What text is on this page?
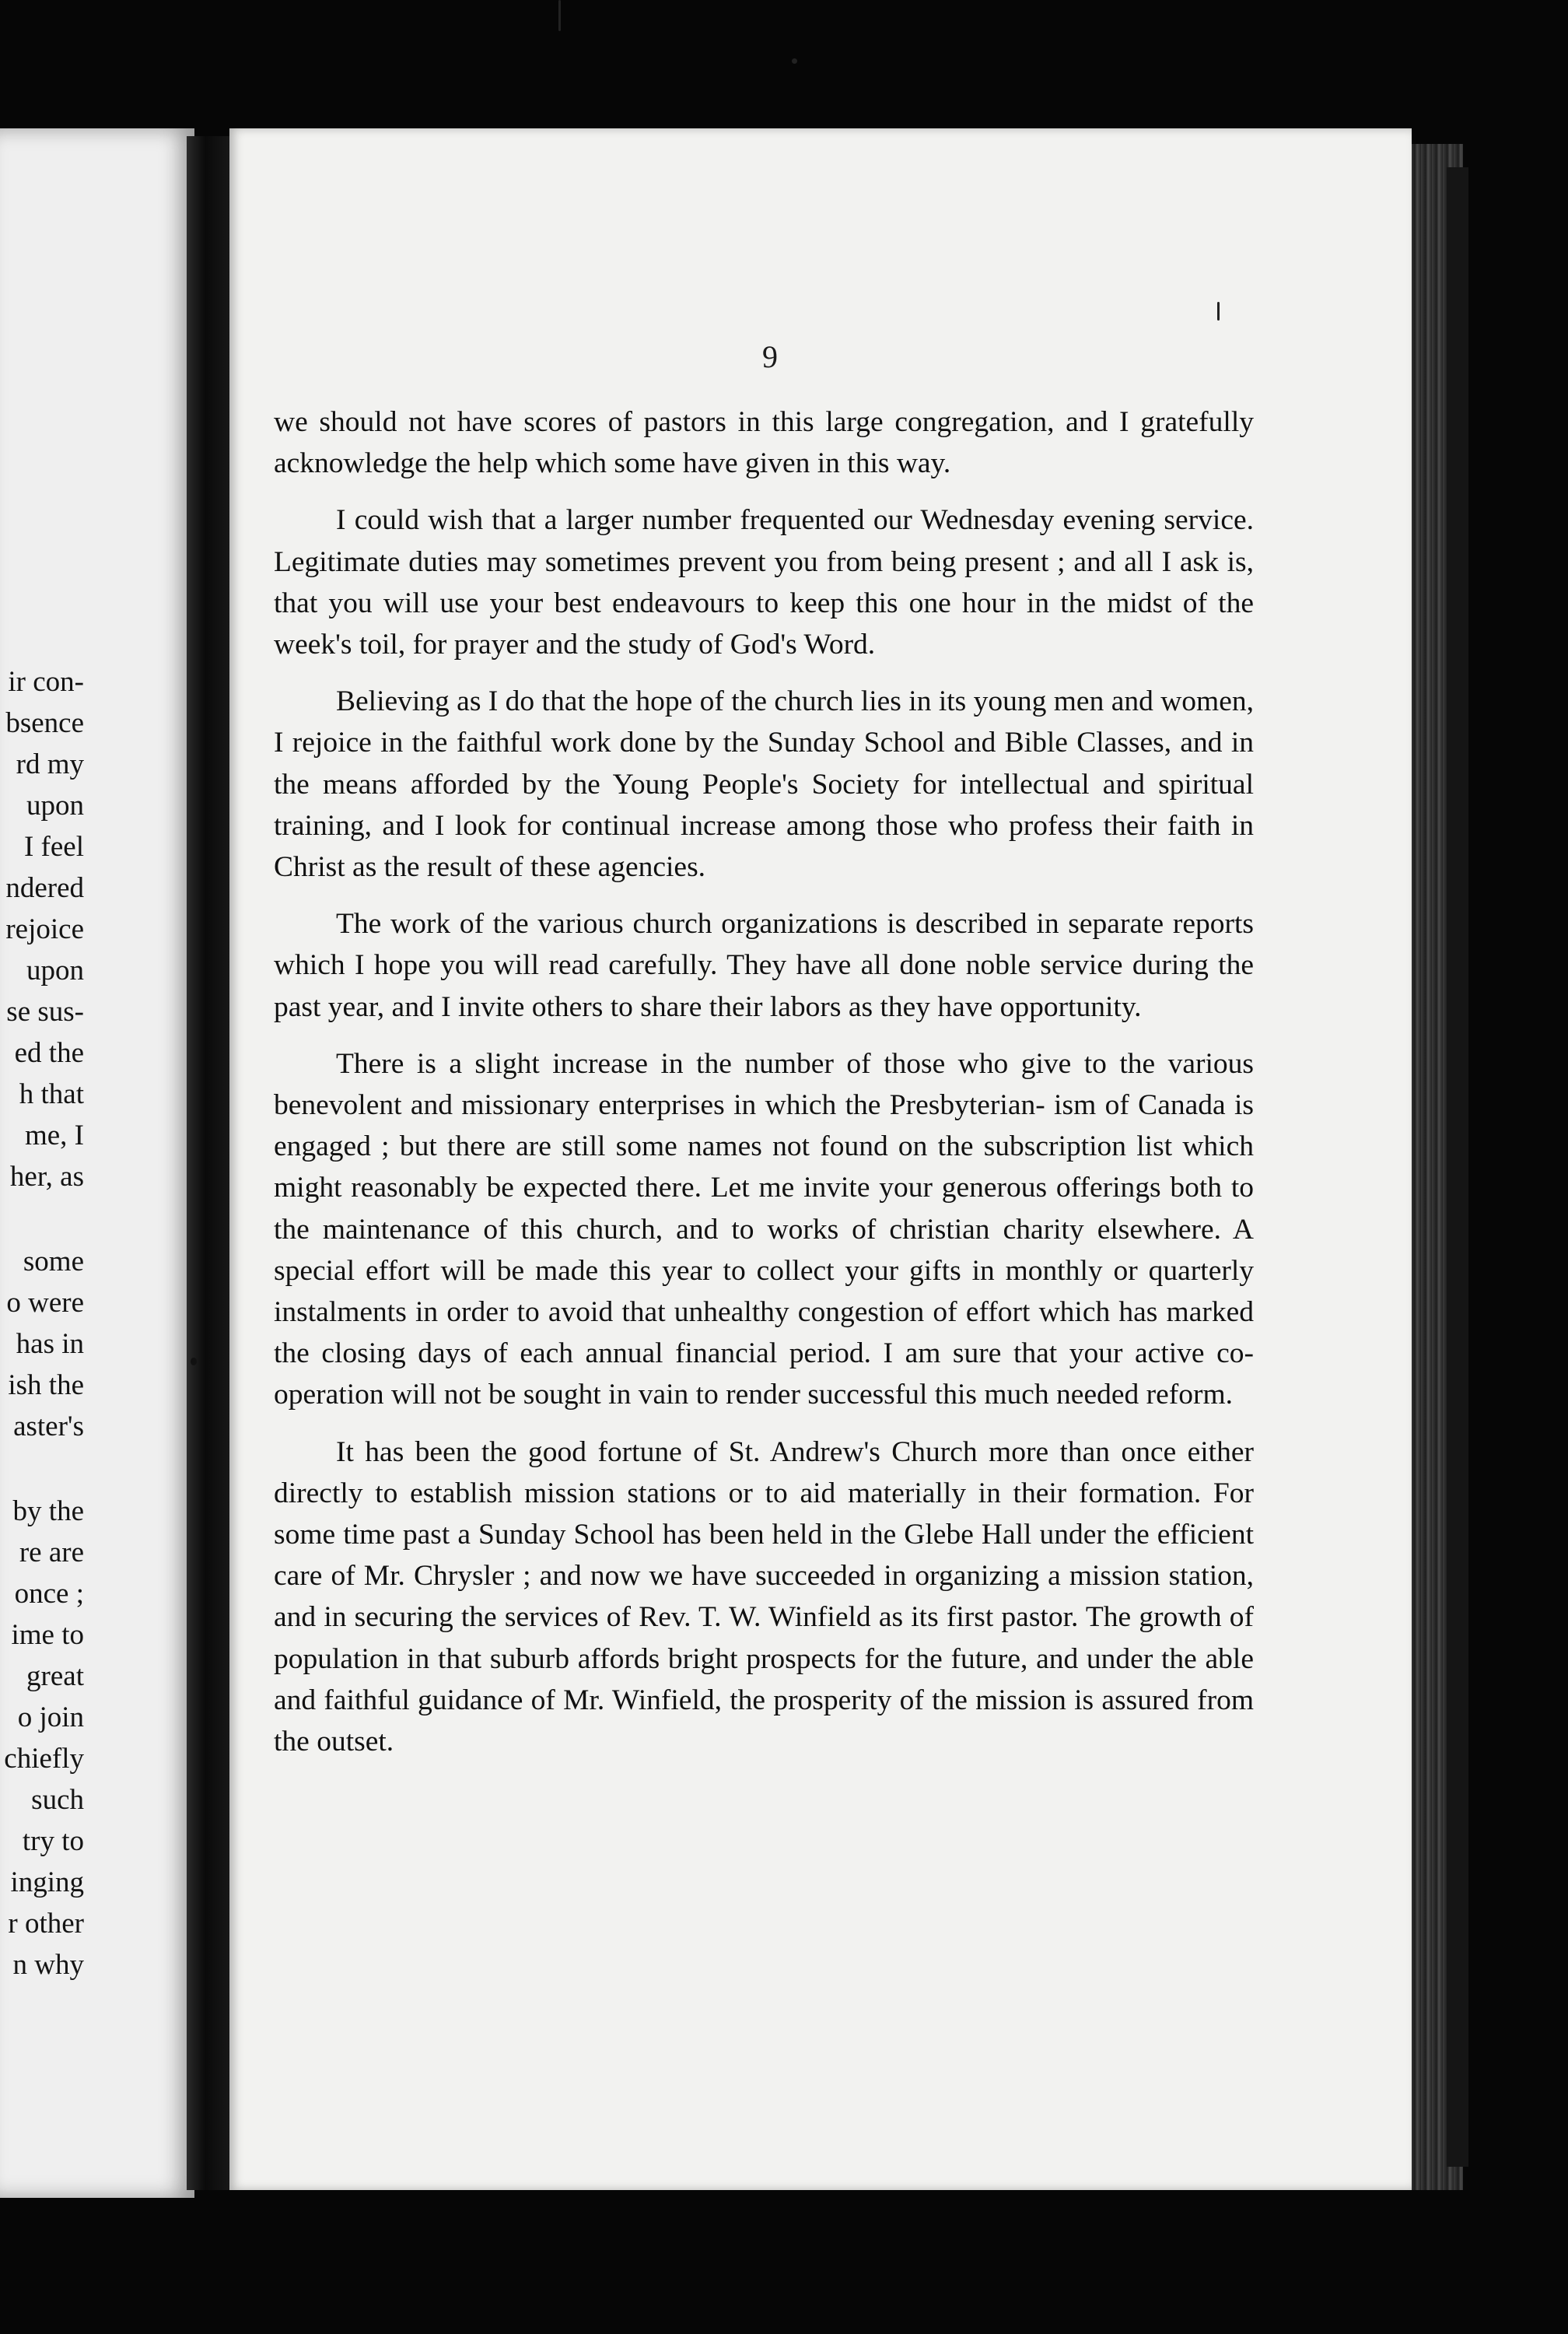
ir con-
bsence
rd my
upon
I feel
ndered
rejoice
upon
se sus-
ed the
h that
me, I
her, as
some
o were
has in
ish the
aster's
by the
re are
once ;
ime to
great
o join
chiefly
such
try to
inging
r other
n why
9

we should not have scores of pastors in this large congregation, and I gratefully acknowledge the help which some have given in this way.

I could wish that a larger number frequented our Wednesday evening service. Legitimate duties may sometimes prevent you from being present ; and all I ask is, that you will use your best endeavours to keep this one hour in the midst of the week's toil, for prayer and the study of God's Word.

Believing as I do that the hope of the church lies in its young men and women, I rejoice in the faithful work done by the Sunday School and Bible Classes, and in the means afforded by the Young People's Society for intellectual and spiritual training, and I look for continual increase among those who profess their faith in Christ as the result of these agencies.

The work of the various church organizations is described in separate reports which I hope you will read carefully. They have all done noble service during the past year, and I invite others to share their labors as they have opportunity.

There is a slight increase in the number of those who give to the various benevolent and missionary enterprises in which the Presbyterian- ism of Canada is engaged ; but there are still some names not found on the subscription list which might reasonably be expected there. Let me invite your generous offerings both to the maintenance of this church, and to works of christian charity elsewhere. A special effort will be made this year to collect your gifts in monthly or quarterly instalments in order to avoid that unhealthy congestion of effort which has marked the closing days of each annual financial period. I am sure that your active co-operation will not be sought in vain to render successful this much needed reform.

It has been the good fortune of St. Andrew's Church more than once either directly to establish mission stations or to aid materially in their formation. For some time past a Sunday School has been held in the Glebe Hall under the efficient care of Mr. Chrysler ; and now we have succeeded in organizing a mission station, and in securing the services of Rev. T. W. Winfield as its first pastor. The growth of population in that suburb affords bright prospects for the future, and under the able and faithful guidance of Mr. Winfield, the prosperity of the mission is assured from the outset.
